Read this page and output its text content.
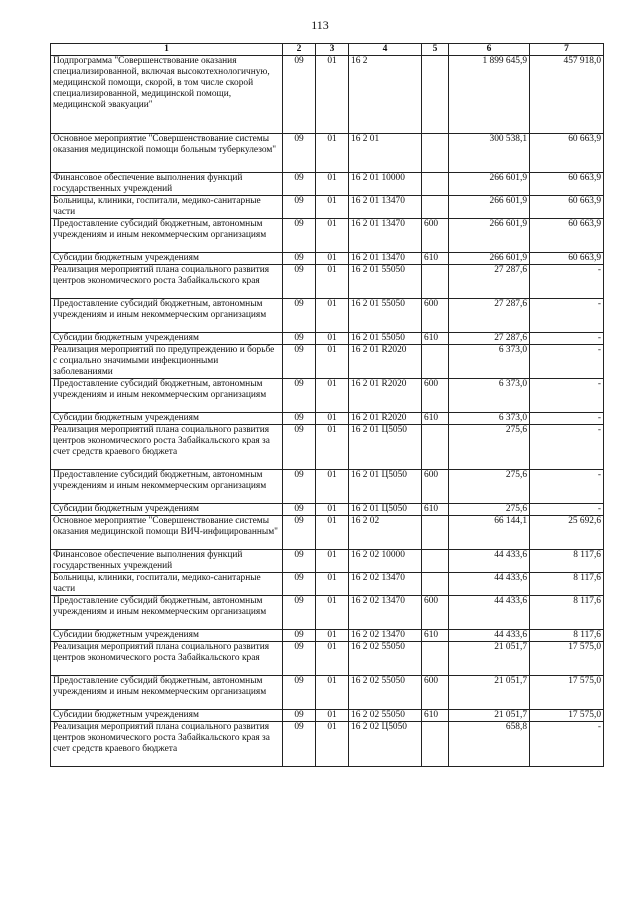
113
1	2	3	4	5	6	7
Подпрограмма "Совершенствование оказания специализированной, включая высокотехнологичную, медицинской помощи, скорой, в том числе скорой специализированной, медицинской помощи, медицинской эвакуации"	09	01	16 2		1 899 645,9	457 918,0
Основное мероприятие "Совершенствование системы оказания медицинской помощи больным туберкулезом"	09	01	16 2 01		300 538,1	60 663,9
Финансовое обеспечение выполнения функций государственных учреждений	09	01	16 2 01 10000		266 601,9	60 663,9
Больницы, клиники, госпитали, медико-санитарные части	09	01	16 2 01 13470		266 601,9	60 663,9
Предоставление субсидий бюджетным, автономным учреждениям и иным некоммерческим организациям	09	01	16 2 01 13470	600	266 601,9	60 663,9
Субсидии бюджетным учреждениям	09	01	16 2 01 13470	610	266 601,9	60 663,9
Реализация мероприятий плана социального развития центров экономического роста Забайкальского края	09	01	16 2 01 55050		27 287,6	-
Предоставление субсидий бюджетным, автономным учреждениям и иным некоммерческим организациям	09	01	16 2 01 55050	600	27 287,6	-
Субсидии бюджетным учреждениям	09	01	16 2 01 55050	610	27 287,6	-
Реализация мероприятий по предупреждению и борьбе с социально значимыми инфекционными заболеваниями	09	01	16 2 01 R2020		6 373,0	-
Предоставление субсидий бюджетным, автономным учреждениям и иным некоммерческим организациям	09	01	16 2 01 R2020	600	6 373,0	-
Субсидии бюджетным учреждениям	09	01	16 2 01 R2020	610	6 373,0	-
Реализация мероприятий плана социального развития центров экономического роста Забайкальского края за счет средств краевого бюджета	09	01	16 2 01 Ц5050		275,6	-
Предоставление субсидий бюджетным, автономным учреждениям и иным некоммерческим организациям	09	01	16 2 01 Ц5050	600	275,6	-
Субсидии бюджетным учреждениям	09	01	16 2 01 Ц5050	610	275,6	-
Основное мероприятие "Совершенствование системы оказания медицинской помощи ВИЧ-инфицированным"	09	01	16 2 02		66 144,1	25 692,6
Финансовое обеспечение выполнения функций государственных учреждений	09	01	16 2 02 10000		44 433,6	8 117,6
Больницы, клиники, госпитали, медико-санитарные части	09	01	16 2 02 13470		44 433,6	8 117,6
Предоставление субсидий бюджетным, автономным учреждениям и иным некоммерческим организациям	09	01	16 2 02 13470	600	44 433,6	8 117,6
Субсидии бюджетным учреждениям	09	01	16 2 02 13470	610	44 433,6	8 117,6
Реализация мероприятий плана социального развития центров экономического роста Забайкальского края	09	01	16 2 02 55050		21 051,7	17 575,0
Предоставление субсидий бюджетным, автономным учреждениям и иным некоммерческим организациям	09	01	16 2 02 55050	600	21 051,7	17 575,0
Субсидии бюджетным учреждениям	09	01	16 2 02 55050	610	21 051,7	17 575,0
Реализация мероприятий плана социального развития центров экономического роста Забайкальского края за счет средств краевого бюджета	09	01	16 2 02 Ц5050		658,8	-
